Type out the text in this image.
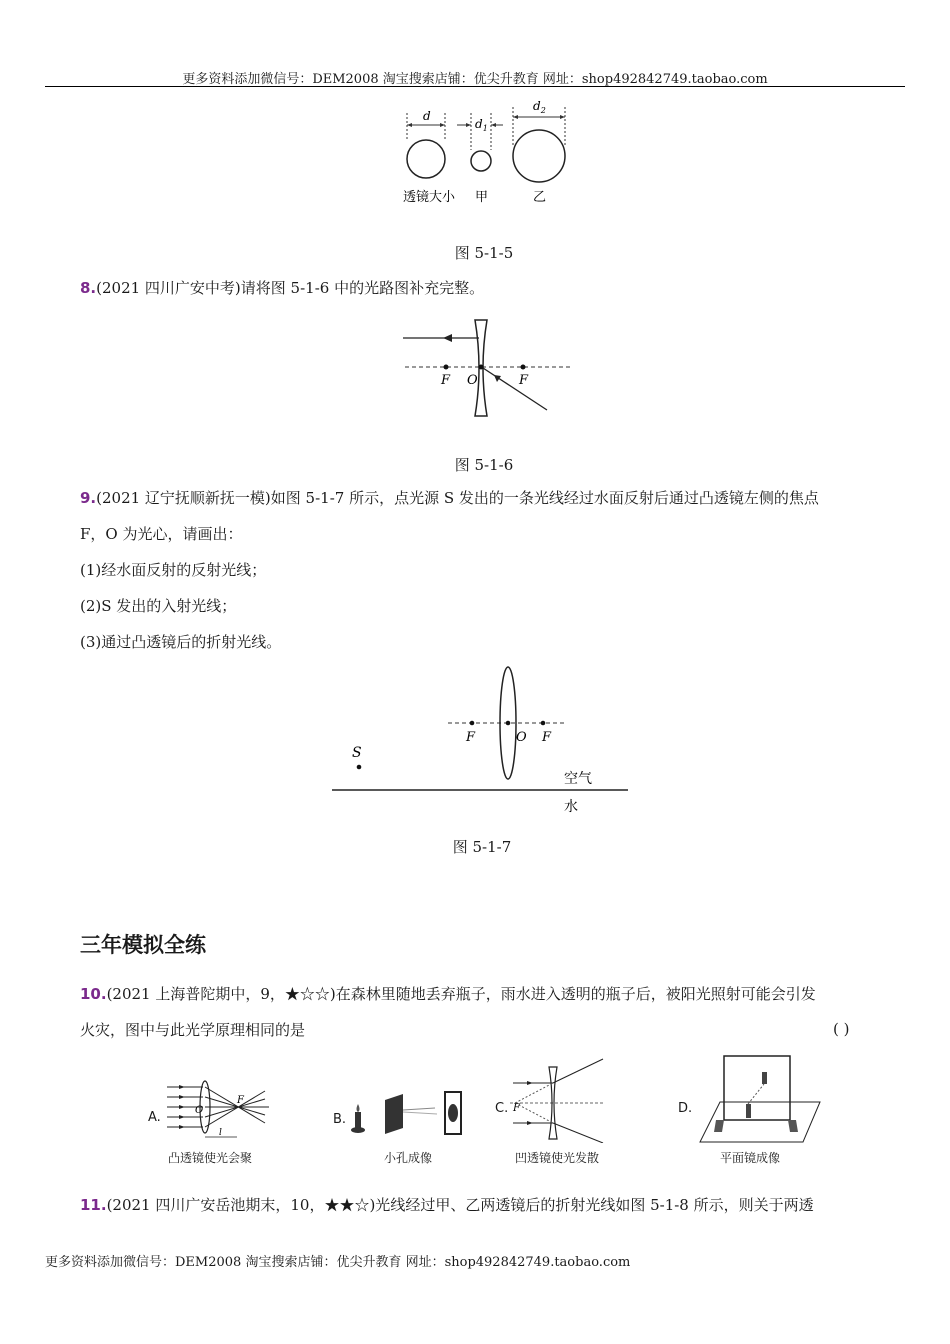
更多资料添加微信号：DEM2008 淘宝搜索店铺：优尖升教育 网址：shop492842749.taobao.com
d
$d_1$
$d_2$
透镜大小 甲	乙
图 5-1-5
8.(2021 四川广安中考)请将图 5-1-6 中的光路图补充完整。
F O	F
图 5-1-6
9.(2021 辽宁抚顺新抚一模)如图 5-1-7 所示，点光源 S 发出的一条光线经过水面反射后通过凸透镜左侧的焦点
F，O 为光心，请画出：
(1)经水面反射的反射光线；
(2)S 发出的入射光线；
(3)通过凸透镜后的折射光线。
F	O F
S
空气
水
图 5-1-7
三年模拟全练
10.(2021 上海普陀期中，9，★☆☆)在森林里随地丢弃瓶子，雨水进入透明的瓶子后，被阳光照射可能会引发
火灾，图中与此光学原理相同的是	( )
A.	O
F
l
凸透镜使光会聚
B.
小孔成像
C. F
凹透镜使光发散
D.
平面镜成像
11.(2021 四川广安岳池期末，10，★★☆)光线经过甲、乙两透镜后的折射光线如图 5-1-8 所示，则关于两透
更多资料添加微信号：DEM2008 淘宝搜索店铺：优尖升教育 网址：shop492842749.taobao.com
